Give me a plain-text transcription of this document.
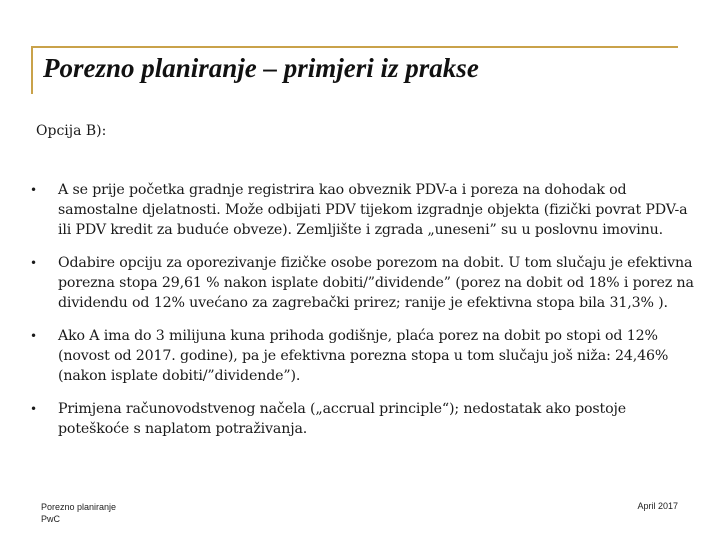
Porezno planiranje – primjeri iz prakse
Opcija B):
• A se prije početka gradnje registrira kao obveznik PDV-a i poreza na dohodak od samostalne djelatnosti. Može odbijati PDV tijekom izgradnje objekta (fizički povrat PDV-a ili PDV kredit za buduće obveze). Zemljište i zgrada „uneseni” su u poslovnu imovinu.
• Odabire opciju za oporezivanje fizičke osobe porezom na dobit. U tom slučaju je efektivna porezna stopa 29,61 % nakon isplate dobiti/”dividende” (porez na dobit od 18% i porez na dividendu od 12% uvećano za zagrebački prirez; ranije je efektivna stopa bila 31,3% ).
• Ako A ima do 3 milijuna kuna prihoda godišnje, plaća porez na dobit po stopi od 12% (novost od 2017. godine), pa je efektivna porezna stopa u tom slučaju još niža: 24,46% (nakon isplate dobiti/”dividende”).
• Primjena računovodstvenog načela („accrual principle“); nedostatak ako postoje poteškoće s naplatom potraživanja.
Porezno planiranje
PwC
April 2017
